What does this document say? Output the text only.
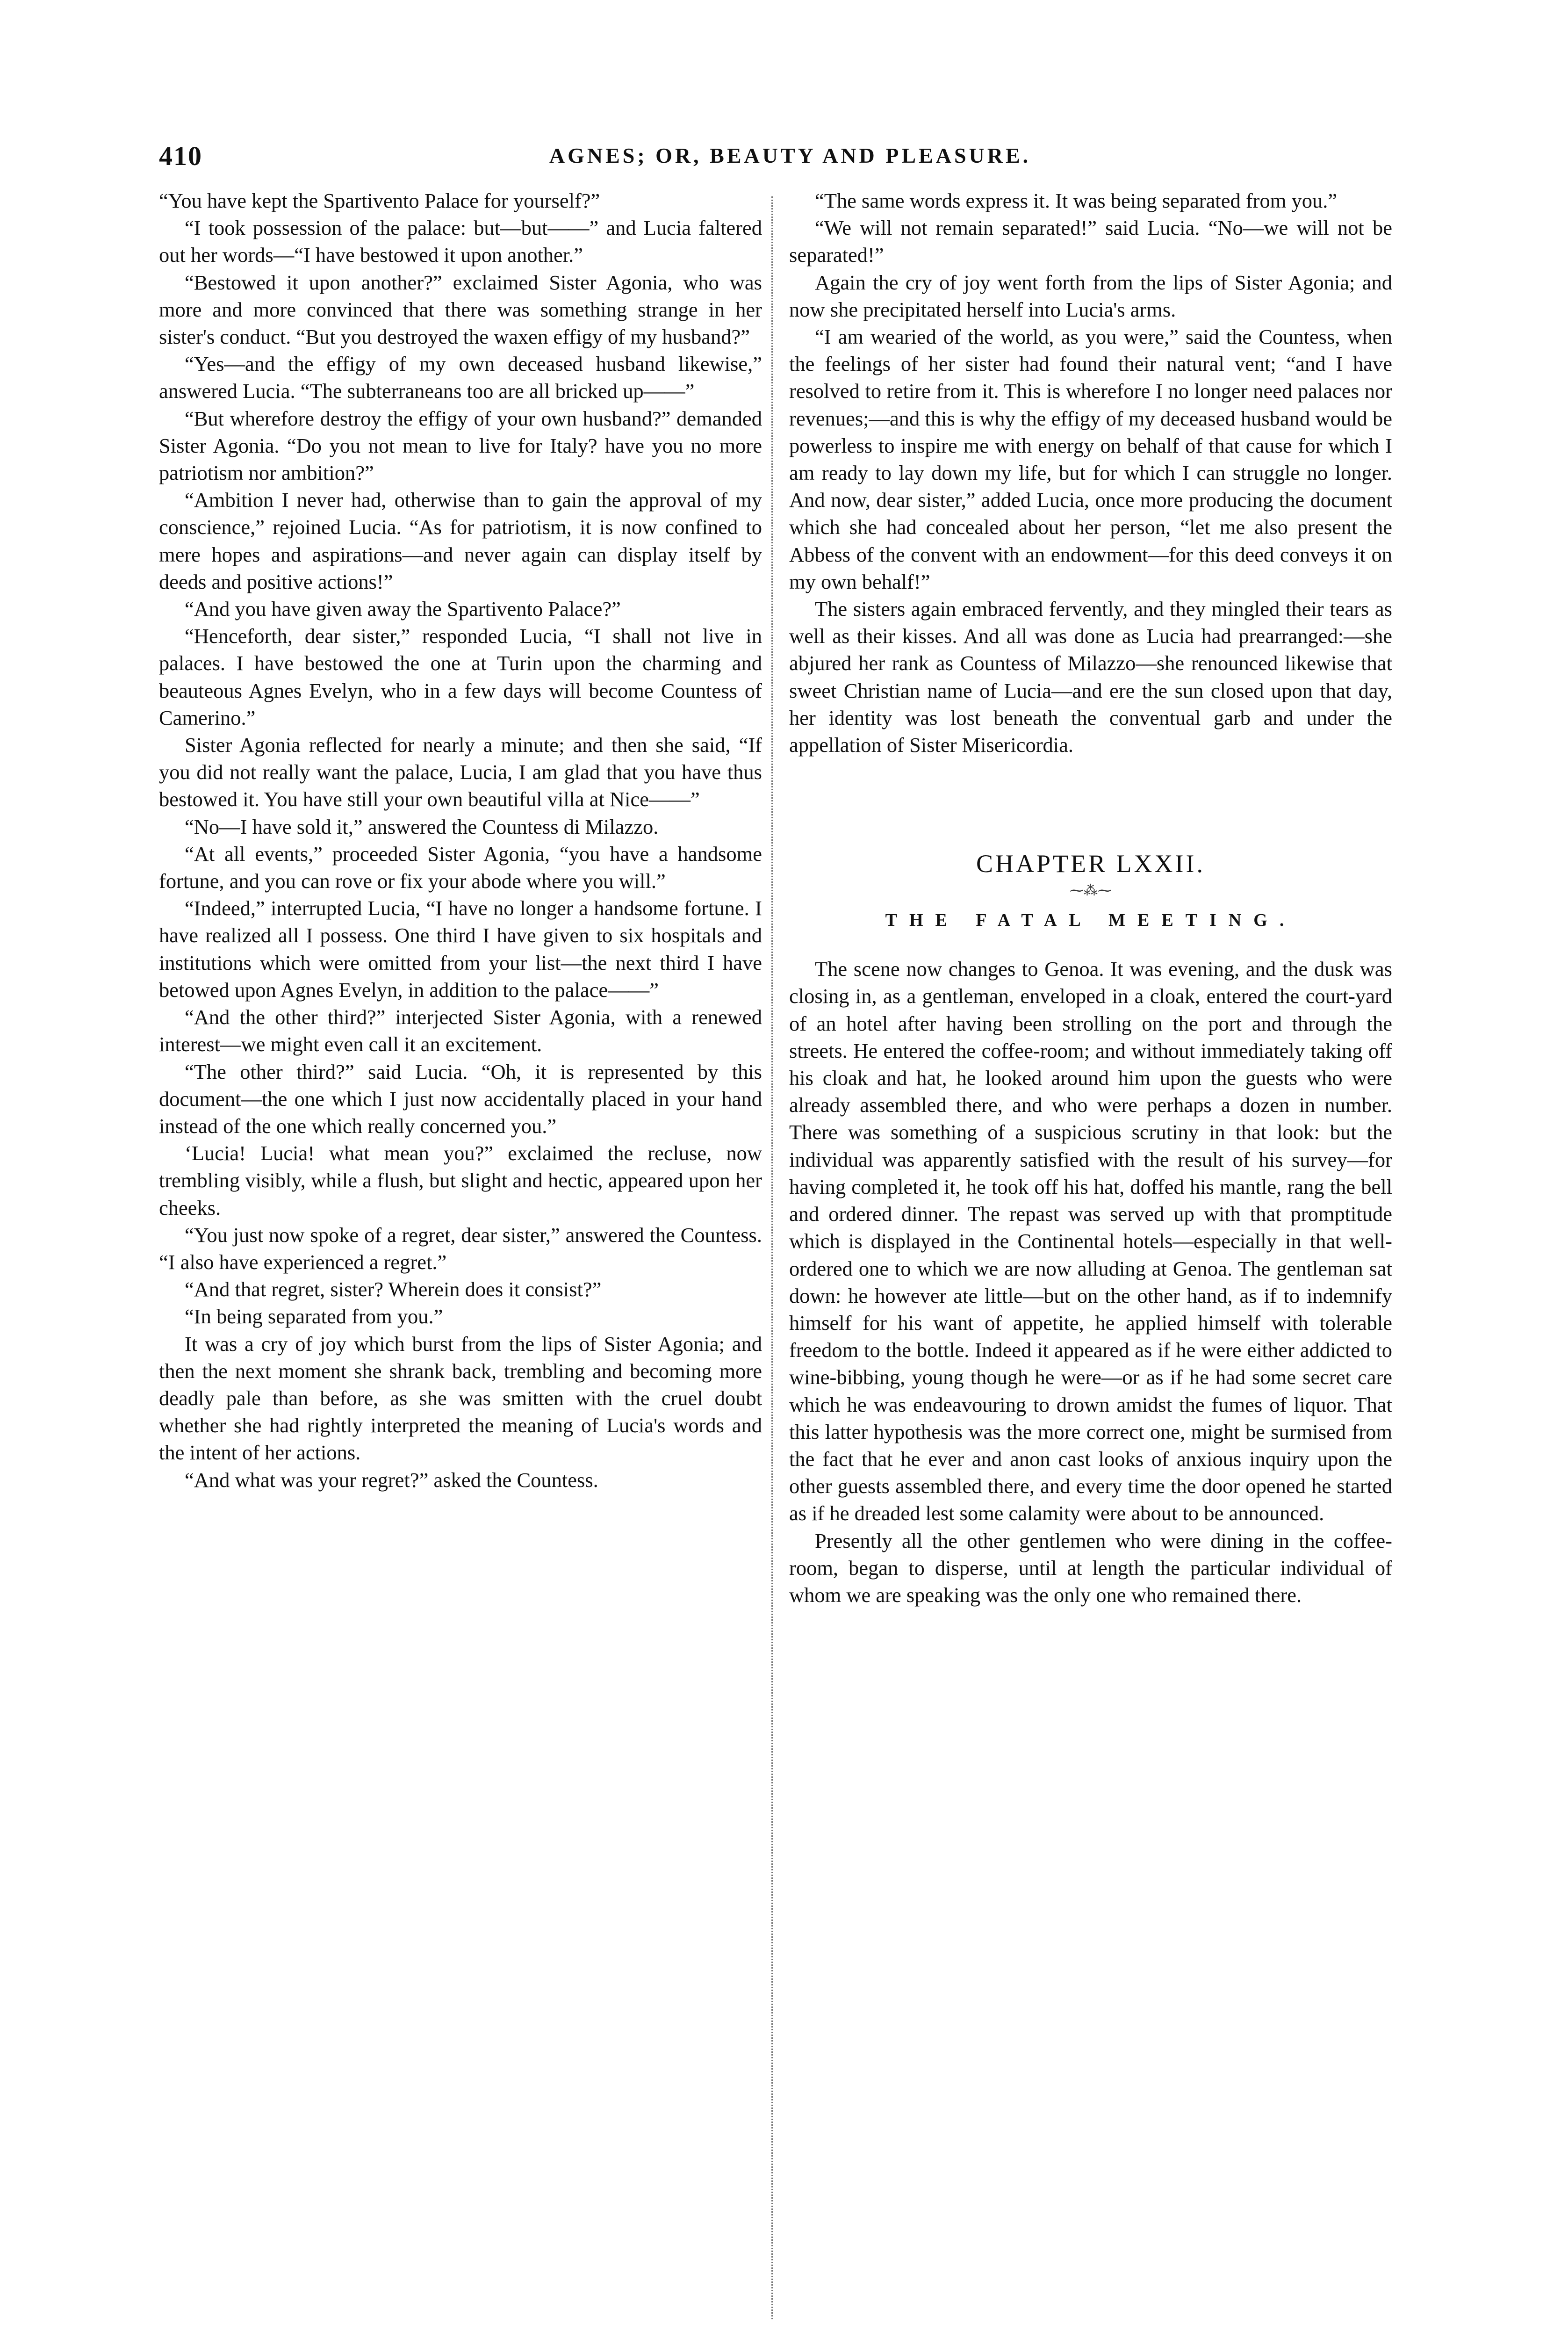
410	AGNES; OR, BEAUTY AND PLEASURE.

“You have kept the Spartivento Palace for yourself?”

“I took possession of the palace: but—but——” and Lucia faltered out her words—“I have bestowed it upon another.”

“Bestowed it upon another?” exclaimed Sister Agonia, who was more and more convinced that there was something strange in her sister's conduct. “But you destroyed the waxen effigy of my husband?”

“Yes—and the effigy of my own deceased husband likewise,” answered Lucia. “The subterraneans too are all bricked up——”

“But wherefore destroy the effigy of your own husband?” demanded Sister Agonia. “Do you not mean to live for Italy? have you no more patriotism nor ambition?”

“Ambition I never had, otherwise than to gain the approval of my conscience,” rejoined Lucia. “As for patriotism, it is now confined to mere hopes and aspirations—and never again can display itself by deeds and positive actions!”

“And you have given away the Spartivento Palace?”

“Henceforth, dear sister,” responded Lucia, “I shall not live in palaces. I have bestowed the one at Turin upon the charming and beauteous Agnes Evelyn, who in a few days will become Countess of Camerino.”

Sister Agonia reflected for nearly a minute; and then she said, “If you did not really want the palace, Lucia, I am glad that you have thus bestowed it. You have still your own beautiful villa at Nice——”

“No—I have sold it,” answered the Countess di Milazzo.

“At all events,” proceeded Sister Agonia, “you have a handsome fortune, and you can rove or fix your abode where you will.”

“Indeed,” interrupted Lucia, “I have no longer a handsome fortune. I have realized all I possess. One third I have given to six hospitals and institutions which were omitted from your list—the next third I have betowed upon Agnes Evelyn, in addition to the palace——”

“And the other third?” interjected Sister Agonia, with a renewed interest—we might even call it an excitement.

“The other third?” said Lucia. “Oh, it is represented by this document—the one which I just now accidentally placed in your hand instead of the one which really concerned you.”

‘Lucia! Lucia! what mean you?” exclaimed the recluse, now trembling visibly, while a flush, but slight and hectic, appeared upon her cheeks.

“You just now spoke of a regret, dear sister,” answered the Countess. “I also have experienced a regret.”

“And that regret, sister? Wherein does it consist?”

“In being separated from you.”

It was a cry of joy which burst from the lips of Sister Agonia; and then the next moment she shrank back, trembling and becoming more deadly pale than before, as she was smitten with the cruel doubt whether she had rightly interpreted the meaning of Lucia's words and the intent of her actions.

“And what was your regret?” asked the Countess.

“The same words express it. It was being separated from you.”

“We will not remain separated!” said Lucia. “No—we will not be separated!”

Again the cry of joy went forth from the lips of Sister Agonia; and now she precipitated herself into Lucia's arms.

“I am wearied of the world, as you were,” said the Countess, when the feelings of her sister had found their natural vent; “and I have resolved to retire from it. This is wherefore I no longer need palaces nor revenues;—and this is why the effigy of my deceased husband would be powerless to inspire me with energy on behalf of that cause for which I am ready to lay down my life, but for which I can struggle no longer. And now, dear sister,” added Lucia, once more producing the document which she had concealed about her person, “let me also present the Abbess of the convent with an endowment—for this deed conveys it on my own behalf!”

The sisters again embraced fervently, and they mingled their tears as well as their kisses. And all was done as Lucia had prearranged:—she abjured her rank as Countess of Milazzo—she renounced likewise that sweet Christian name of Lucia—and ere the sun closed upon that day, her identity was lost beneath the conventual garb and under the appellation of Sister Misericordia.

CHAPTER LXXII.
⁓⁂⁓
THE FATAL MEETING.

The scene now changes to Genoa. It was evening, and the dusk was closing in, as a gentleman, enveloped in a cloak, entered the court-yard of an hotel after having been strolling on the port and through the streets. He entered the coffee-room; and without immediately taking off his cloak and hat, he looked around him upon the guests who were already assembled there, and who were perhaps a dozen in number. There was something of a suspicious scrutiny in that look: but the individual was apparently satisfied with the result of his survey—for having completed it, he took off his hat, doffed his mantle, rang the bell and ordered dinner. The repast was served up with that promptitude which is displayed in the Continental hotels—especially in that well-ordered one to which we are now alluding at Genoa. The gentleman sat down: he however ate little—but on the other hand, as if to indemnify himself for his want of appetite, he applied himself with tolerable freedom to the bottle. Indeed it appeared as if he were either addicted to wine-bibbing, young though he were—or as if he had some secret care which he was endeavouring to drown amidst the fumes of liquor. That this latter hypothesis was the more correct one, might be surmised from the fact that he ever and anon cast looks of anxious inquiry upon the other guests assembled there, and every time the door opened he started as if he dreaded lest some calamity were about to be announced.

Presently all the other gentlemen who were dining in the coffee-room, began to disperse, until at length the particular individual of whom we are speaking was the only one who remained there.
